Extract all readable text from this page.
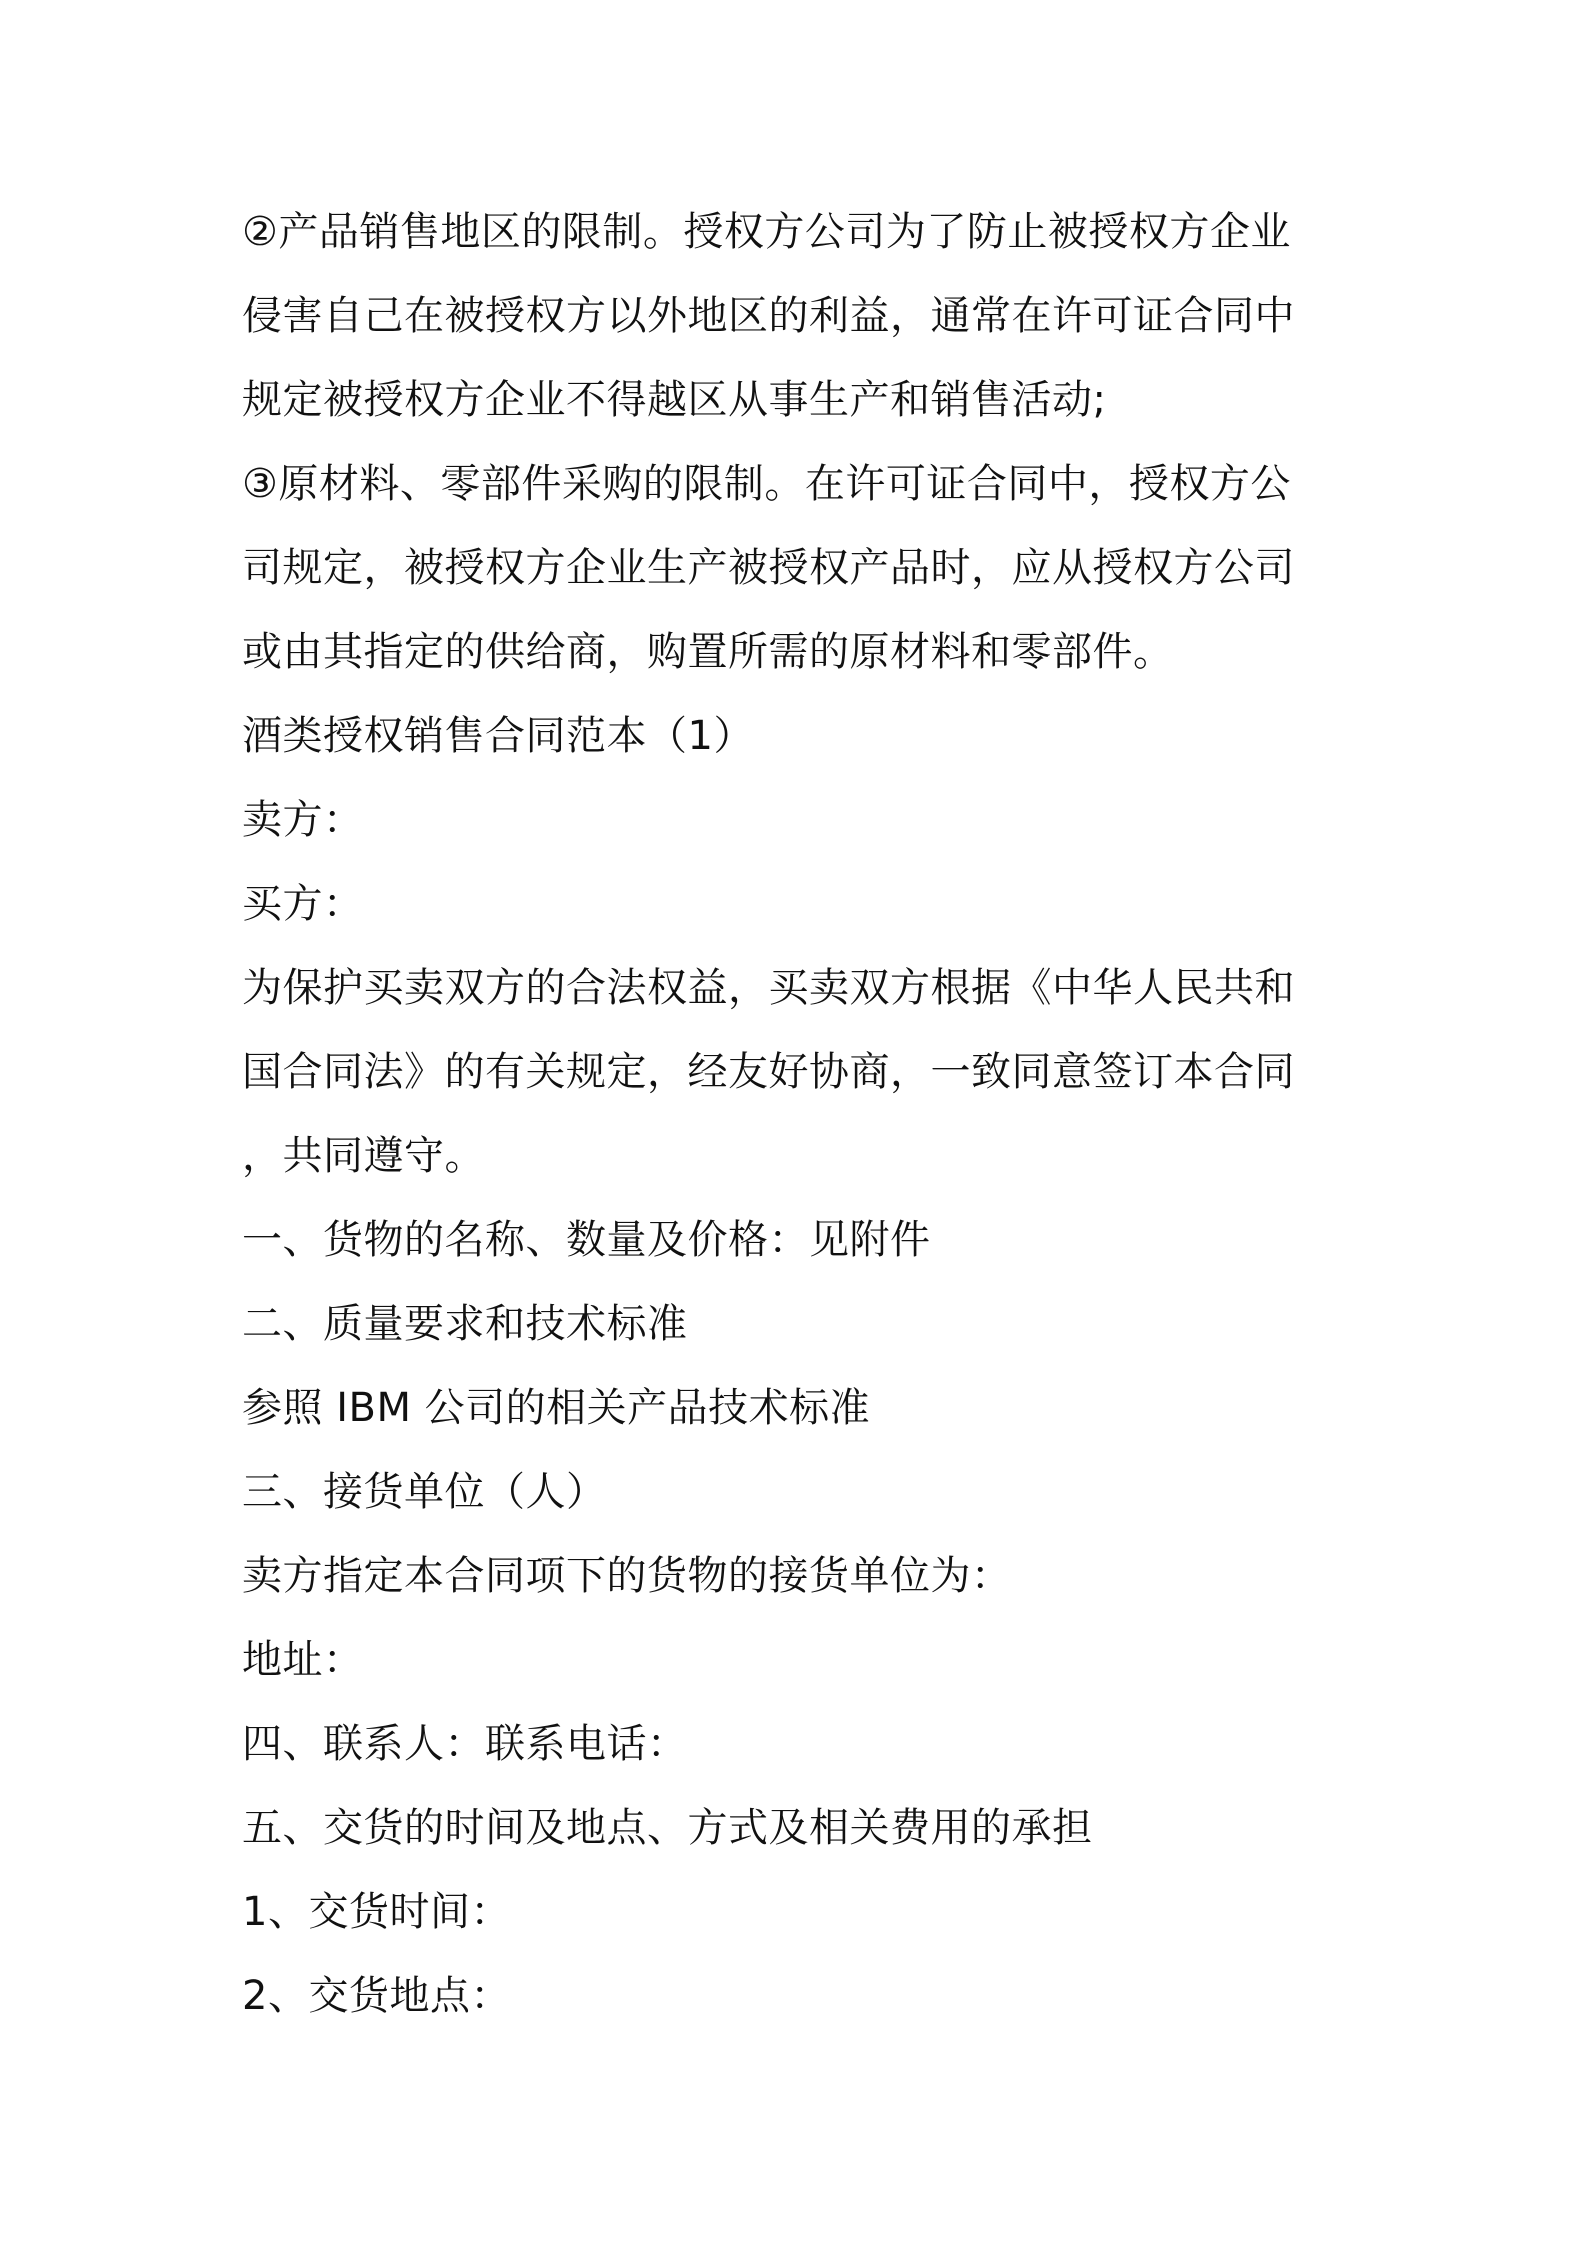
②产品销售地区的限制。授权方公司为了防止被授权方企业
侵害自己在被授权方以外地区的利益，通常在许可证合同中
规定被授权方企业不得越区从事生产和销售活动;
③原材料、零部件采购的限制。在许可证合同中，授权方公
司规定，被授权方企业生产被授权产品时，应从授权方公司
或由其指定的供给商，购置所需的原材料和零部件。
酒类授权销售合同范本（1）
卖方：
买方：
为保护买卖双方的合法权益，买卖双方根据《中华人民共和
国合同法》的有关规定，经友好协商，一致同意签订本合同
，共同遵守。
一、货物的名称、数量及价格：见附件
二、质量要求和技术标准
参照 IBM 公司的相关产品技术标准
三、接货单位（人）
卖方指定本合同项下的货物的接货单位为：
地址：
四、联系人：联系电话：
五、交货的时间及地点、方式及相关费用的承担
1、交货时间：
2、交货地点：
